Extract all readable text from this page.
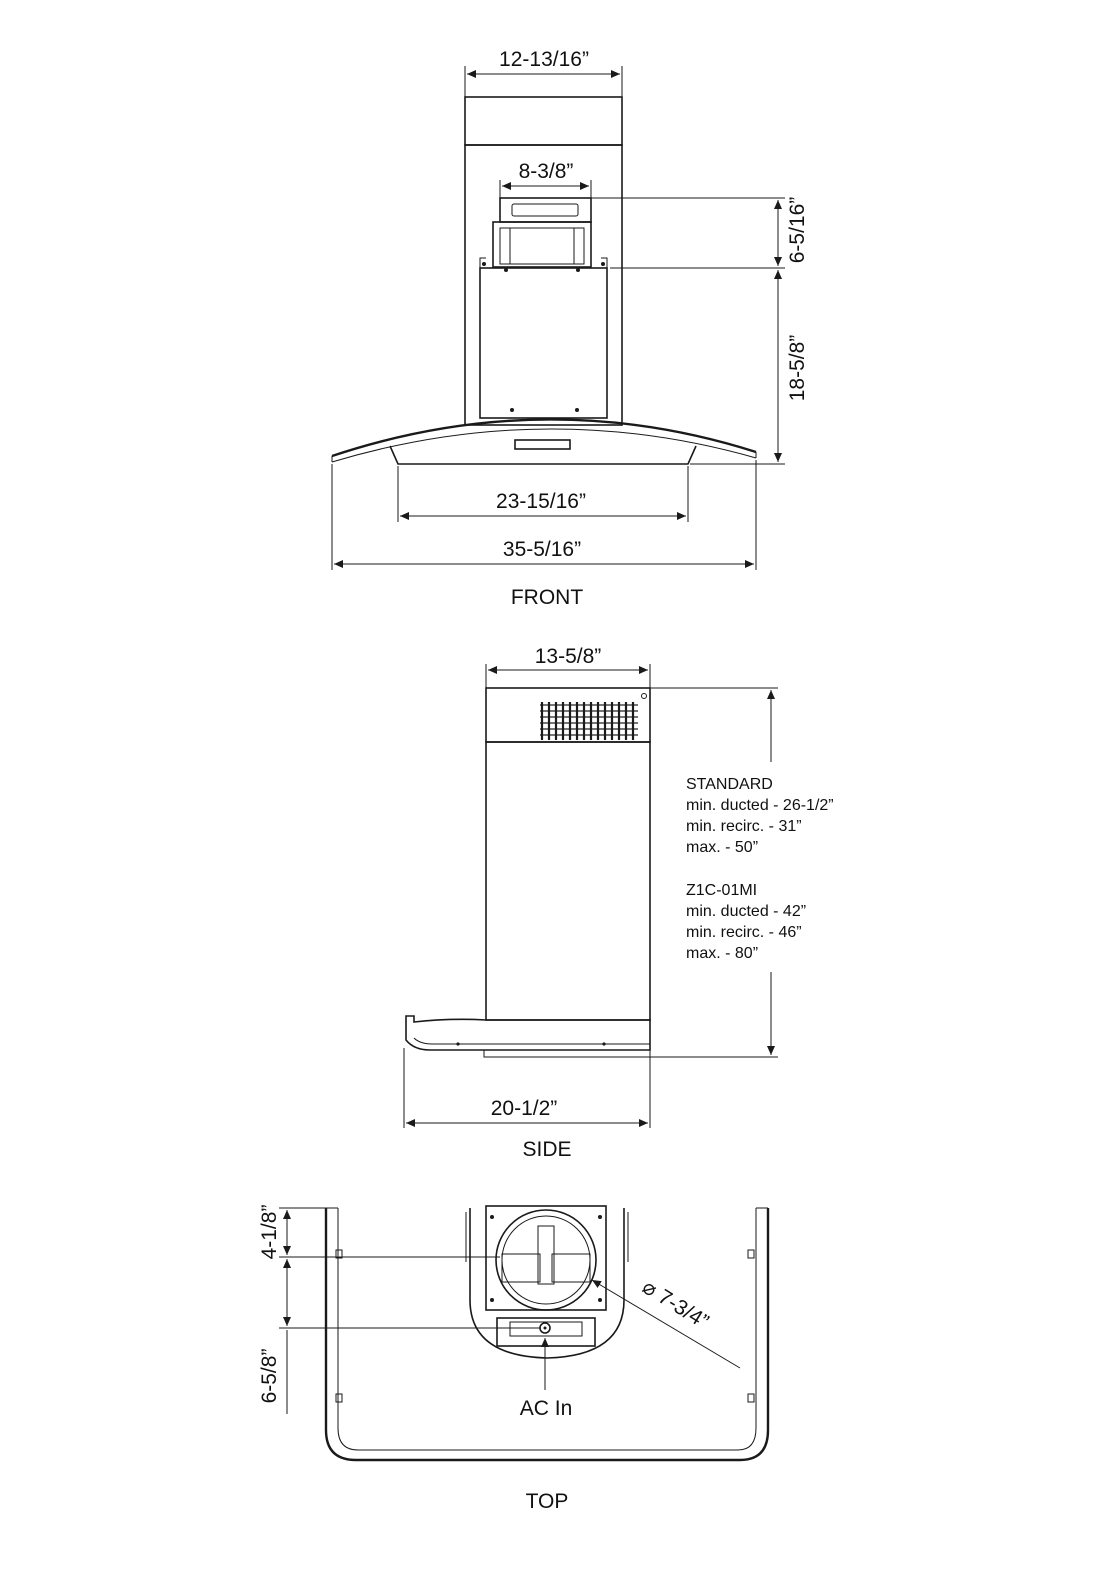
12-13/16”
8-3/8”
6-5/16”
18-5/8”
23-15/16”
35-5/16”
FRONT
13-5/8”
STANDARD
min. ducted - 26-1/2”
min. recirc. - 31”
max. - 50”
Z1C-01MI
min. ducted - 42”
min. recirc. - 46”
max. - 80”
20-1/2”
SIDE
4-1/8”
6-5/8”
⌀ 7-3/4”
AC In
TOP
